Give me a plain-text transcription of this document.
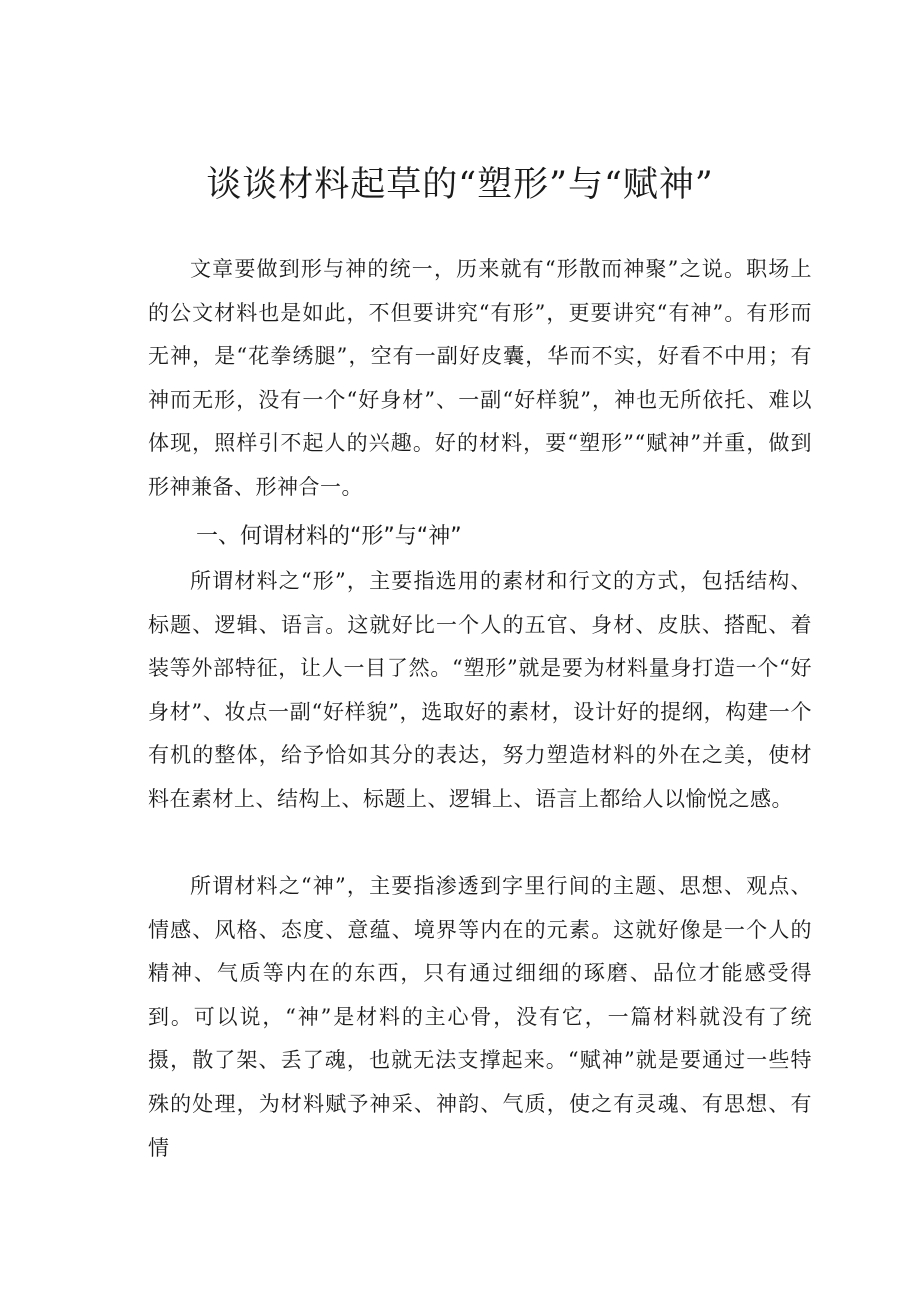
谈谈材料起草的“塑形”与“赋神”

文章要做到形与神的统一，历来就有“形散而神聚”之说。职场上的公文材料也是如此，不但要讲究“有形”，更要讲究“有神”。有形而无神，是“花拳绣腿”，空有一副好皮囊，华而不实，好看不中用；有神而无形，没有一个“好身材”、一副“好样貌”，神也无所依托、难以体现，照样引不起人的兴趣。好的材料，要“塑形”“赋神”并重，做到形神兼备、形神合一。

一、何谓材料的“形”与“神”

所谓材料之“形”，主要指选用的素材和行文的方式，包括结构、标题、逻辑、语言。这就好比一个人的五官、身材、皮肤、搭配、着装等外部特征，让人一目了然。“塑形”就是要为材料量身打造一个“好身材”、妆点一副“好样貌”，选取好的素材，设计好的提纲，构建一个有机的整体，给予恰如其分的表达，努力塑造材料的外在之美，使材料在素材上、结构上、标题上、逻辑上、语言上都给人以愉悦之感。

所谓材料之“神”，主要指渗透到字里行间的主题、思想、观点、情感、风格、态度、意蕴、境界等内在的元素。这就好像是一个人的精神、气质等内在的东西，只有通过细细的琢磨、品位才能感受得到。可以说，“神”是材料的主心骨，没有它，一篇材料就没有了统摄，散了架、丢了魂，也就无法支撑起来。“赋神”就是要通过一些特殊的处理，为材料赋予神采、神韵、气质，使之有灵魂、有思想、有情
